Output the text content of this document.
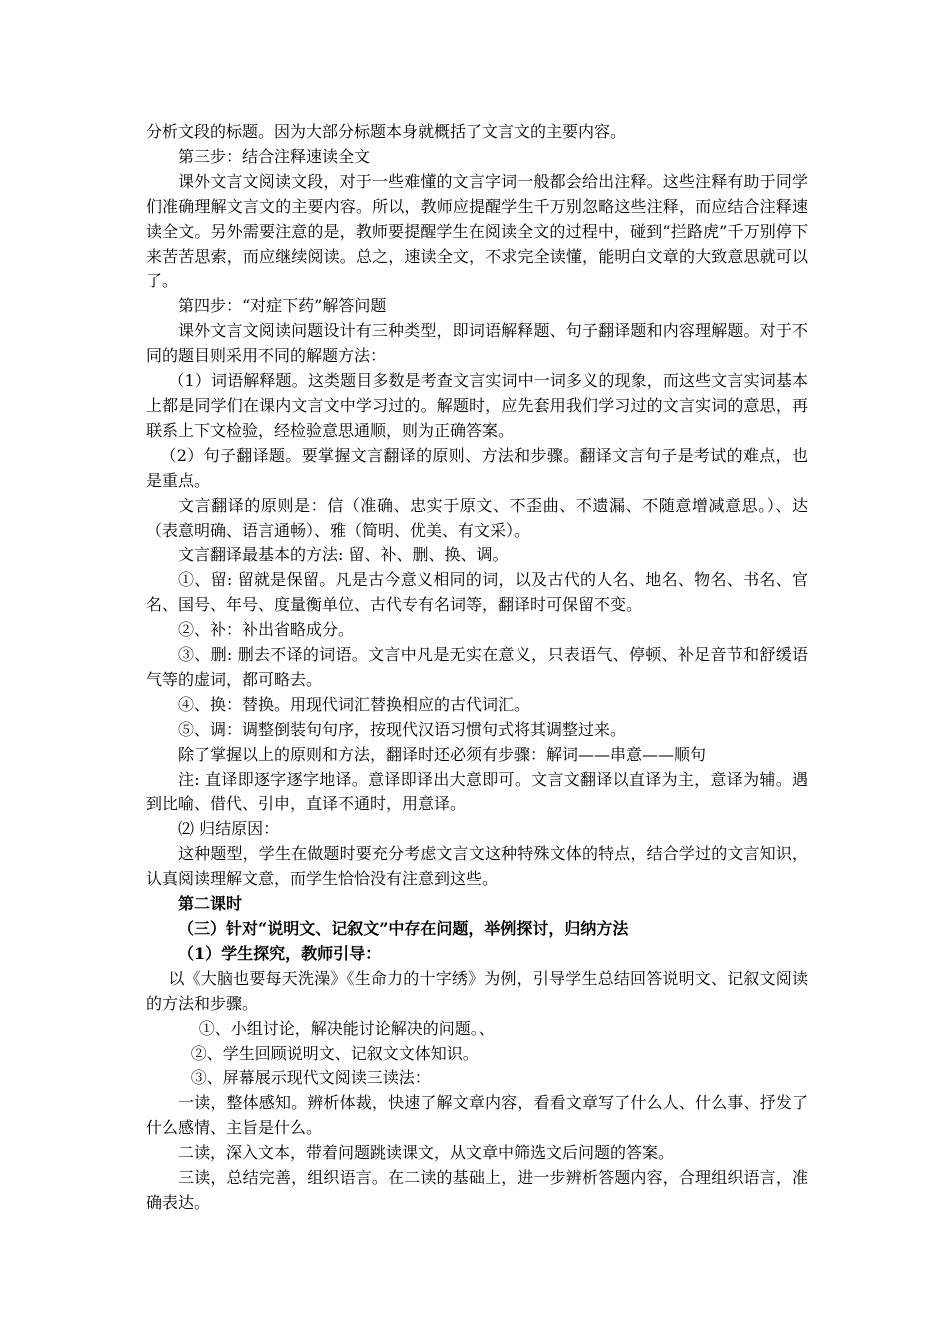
分析文段的标题。因为大部分标题本身就概括了文言文的主要内容。

第三步：结合注释速读全文

课外文言文阅读文段，对于一些难懂的文言字词一般都会给出注释。这些注释有助于同学们准确理解文言文的主要内容。所以，教师应提醒学生千万别忽略这些注释，而应结合注释速读全文。另外需要注意的是，教师要提醒学生在阅读全文的过程中，碰到“拦路虎”千万别停下来苦苦思索，而应继续阅读。总之，速读全文，不求完全读懂，能明白文章的大致意思就可以了。

第四步：“对症下药”解答问题

课外文言文阅读问题设计有三种类型，即词语解释题、句子翻译题和内容理解题。对于不同的题目则采用不同的解题方法：

（1）词语解释题。这类题目多数是考查文言实词中一词多义的现象，而这些文言实词基本上都是同学们在课内文言文中学习过的。解题时，应先套用我们学习过的文言实词的意思，再联系上下文检验，经检验意思通顺，则为正确答案。

（2）句子翻译题。要掌握文言翻译的原则、方法和步骤。翻译文言句子是考试的难点，也是重点。

文言翻译的原则是：信（准确、忠实于原文、不歪曲、不遗漏、不随意增减意思。）、达（表意明确、语言通畅）、雅（简明、优美、有文采）。

文言翻译最基本的方法: 留、补、删、换、调。

①、留: 留就是保留。凡是古今意义相同的词，以及古代的人名、地名、物名、书名、官名、国号、年号、度量衡单位、古代专有名词等，翻译时可保留不变。

②、补：补出省略成分。

③、删: 删去不译的词语。文言中凡是无实在意义，只表语气、停顿、补足音节和舒缓语气等的虚词，都可略去。

④、换：替换。用现代词汇替换相应的古代词汇。

⑤、调：调整倒装句句序，按现代汉语习惯句式将其调整过来。

除了掌握以上的原则和方法，翻译时还必须有步骤：解词——串意——顺句

注: 直译即逐字逐字地译。意译即译出大意即可。文言文翻译以直译为主，意译为辅。遇到比喻、借代、引申，直译不通时，用意译。

⑵ 归结原因：

这种题型，学生在做题时要充分考虑文言文这种特殊文体的特点，结合学过的文言知识，认真阅读理解文意，而学生恰恰没有注意到这些。

第二课时

（三）针对“说明文、记叙文”中存在问题，举例探讨，归纳方法

（1）学生探究，教师引导：

以《大脑也要每天洗澡》《生命力的十字绣》为例，引导学生总结回答说明文、记叙文阅读的方法和步骤。

①、小组讨论，解决能讨论解决的问题。、

②、学生回顾说明文、记叙文文体知识。

③、屏幕展示现代文阅读三读法：

一读，整体感知。辨析体裁，快速了解文章内容，看看文章写了什么人、什么事、抒发了什么感情、主旨是什么。

二读，深入文本，带着问题跳读课文，从文章中筛选文后问题的答案。

三读，总结完善，组织语言。在二读的基础上，进一步辨析答题内容，合理组织语言，准确表达。
